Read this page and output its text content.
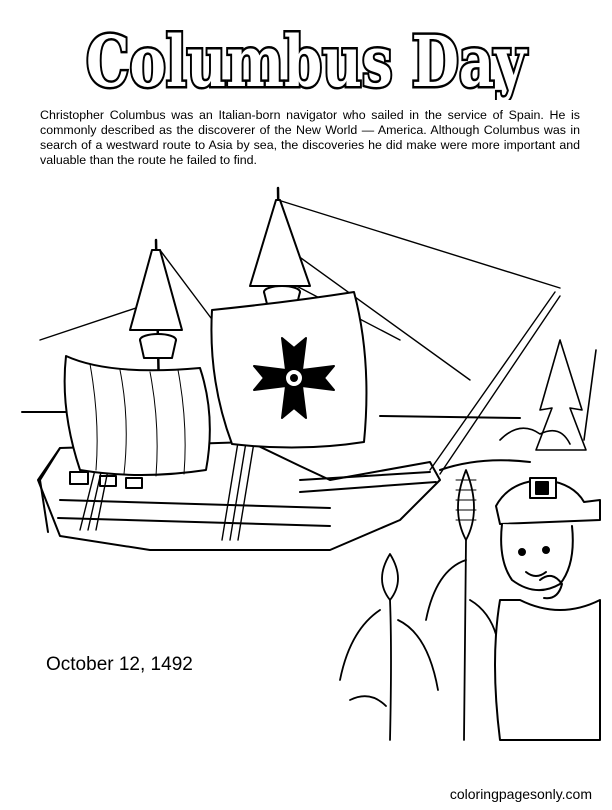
Columbus Day

Christopher Columbus was an Italian-born navigator who sailed in the service of Spain. He is commonly described as the discoverer of the New World — America. Although Columbus was in search of a westward route to Asia by sea, the discoveries he did make were more important and valuable than the route he failed to find.

October 12, 1492
coloringpagesonly.com
